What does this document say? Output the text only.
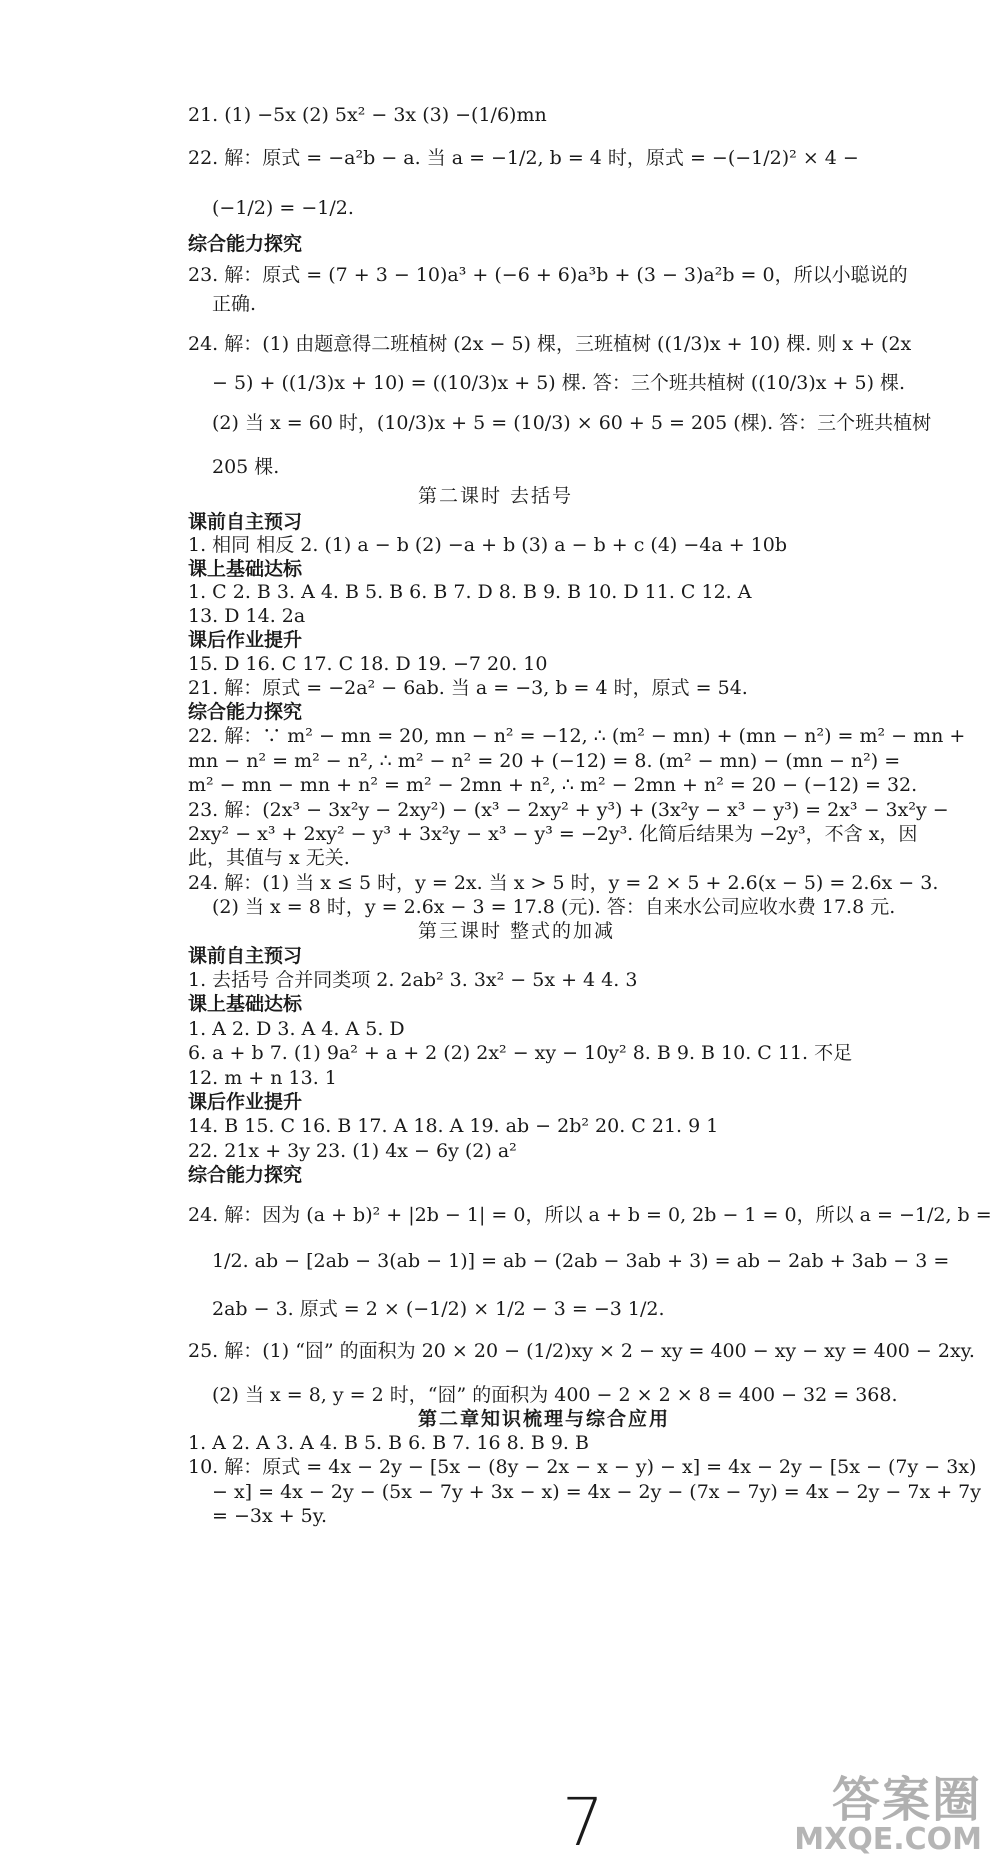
21. (1) −5x (2) 5x² − 3x (3) −(1/6)mn
22. 解：原式 = −a²b − a. 当 a = −1/2, b = 4 时，原式 = −(−1/2)² × 4 −
(−1/2) = −1/2.
综合能力探究
23. 解：原式 = (7 + 3 − 10)a³ + (−6 + 6)a³b + (3 − 3)a²b = 0，所以小聪说的
正确.
24. 解：(1) 由题意得二班植树 (2x − 5) 棵，三班植树 ((1/3)x + 10) 棵. 则 x + (2x
− 5) + ((1/3)x + 10) = ((10/3)x + 5) 棵. 答：三个班共植树 ((10/3)x + 5) 棵.
(2) 当 x = 60 时，(10/3)x + 5 = (10/3) × 60 + 5 = 205 (棵). 答：三个班共植树
205 棵.
第二课时 去括号
课前自主预习
1. 相同 相反 2. (1) a − b (2) −a + b (3) a − b + c (4) −4a + 10b
课上基础达标
1. C 2. B 3. A 4. B 5. B 6. B 7. D 8. B 9. B 10. D 11. C 12. A
13. D 14. 2a
课后作业提升
15. D 16. C 17. C 18. D 19. −7 20. 10
21. 解：原式 = −2a² − 6ab. 当 a = −3, b = 4 时，原式 = 54.
综合能力探究
22. 解：∵ m² − mn = 20, mn − n² = −12, ∴ (m² − mn) + (mn − n²) = m² − mn +
mn − n² = m² − n², ∴ m² − n² = 20 + (−12) = 8. (m² − mn) − (mn − n²) =
m² − mn − mn + n² = m² − 2mn + n², ∴ m² − 2mn + n² = 20 − (−12) = 32.
23. 解：(2x³ − 3x²y − 2xy²) − (x³ − 2xy² + y³) + (3x²y − x³ − y³) = 2x³ − 3x²y −
2xy² − x³ + 2xy² − y³ + 3x²y − x³ − y³ = −2y³. 化简后结果为 −2y³，不含 x，因
此，其值与 x 无关.
24. 解：(1) 当 x ≤ 5 时，y = 2x. 当 x > 5 时，y = 2 × 5 + 2.6(x − 5) = 2.6x − 3.
(2) 当 x = 8 时，y = 2.6x − 3 = 17.8 (元). 答：自来水公司应收水费 17.8 元.
第三课时 整式的加减
课前自主预习
1. 去括号 合并同类项 2. 2ab² 3. 3x² − 5x + 4 4. 3
课上基础达标
1. A 2. D 3. A 4. A 5. D
6. a + b 7. (1) 9a² + a + 2 (2) 2x² − xy − 10y² 8. B 9. B 10. C 11. 不足
12. m + n 13. 1
课后作业提升
14. B 15. C 16. B 17. A 18. A 19. ab − 2b² 20. C 21. 9 1
22. 21x + 3y 23. (1) 4x − 6y (2) a²
综合能力探究
24. 解：因为 (a + b)² + |2b − 1| = 0，所以 a + b = 0, 2b − 1 = 0，所以 a = −1/2, b =
1/2. ab − [2ab − 3(ab − 1)] = ab − (2ab − 3ab + 3) = ab − 2ab + 3ab − 3 =
2ab − 3. 原式 = 2 × (−1/2) × 1/2 − 3 = −3 1/2.
25. 解：(1) “囧” 的面积为 20 × 20 − (1/2)xy × 2 − xy = 400 − xy − xy = 400 − 2xy.
(2) 当 x = 8, y = 2 时，“囧” 的面积为 400 − 2 × 2 × 8 = 400 − 32 = 368.
第二章知识梳理与综合应用
1. A 2. A 3. A 4. B 5. B 6. B 7. 16 8. B 9. B
10. 解：原式 = 4x − 2y − [5x − (8y − 2x − x − y) − x] = 4x − 2y − [5x − (7y − 3x)
− x] = 4x − 2y − (5x − 7y + 3x − x) = 4x − 2y − (7x − 7y) = 4x − 2y − 7x + 7y
= −3x + 5y.
7	答案圈
MXQE.COM
